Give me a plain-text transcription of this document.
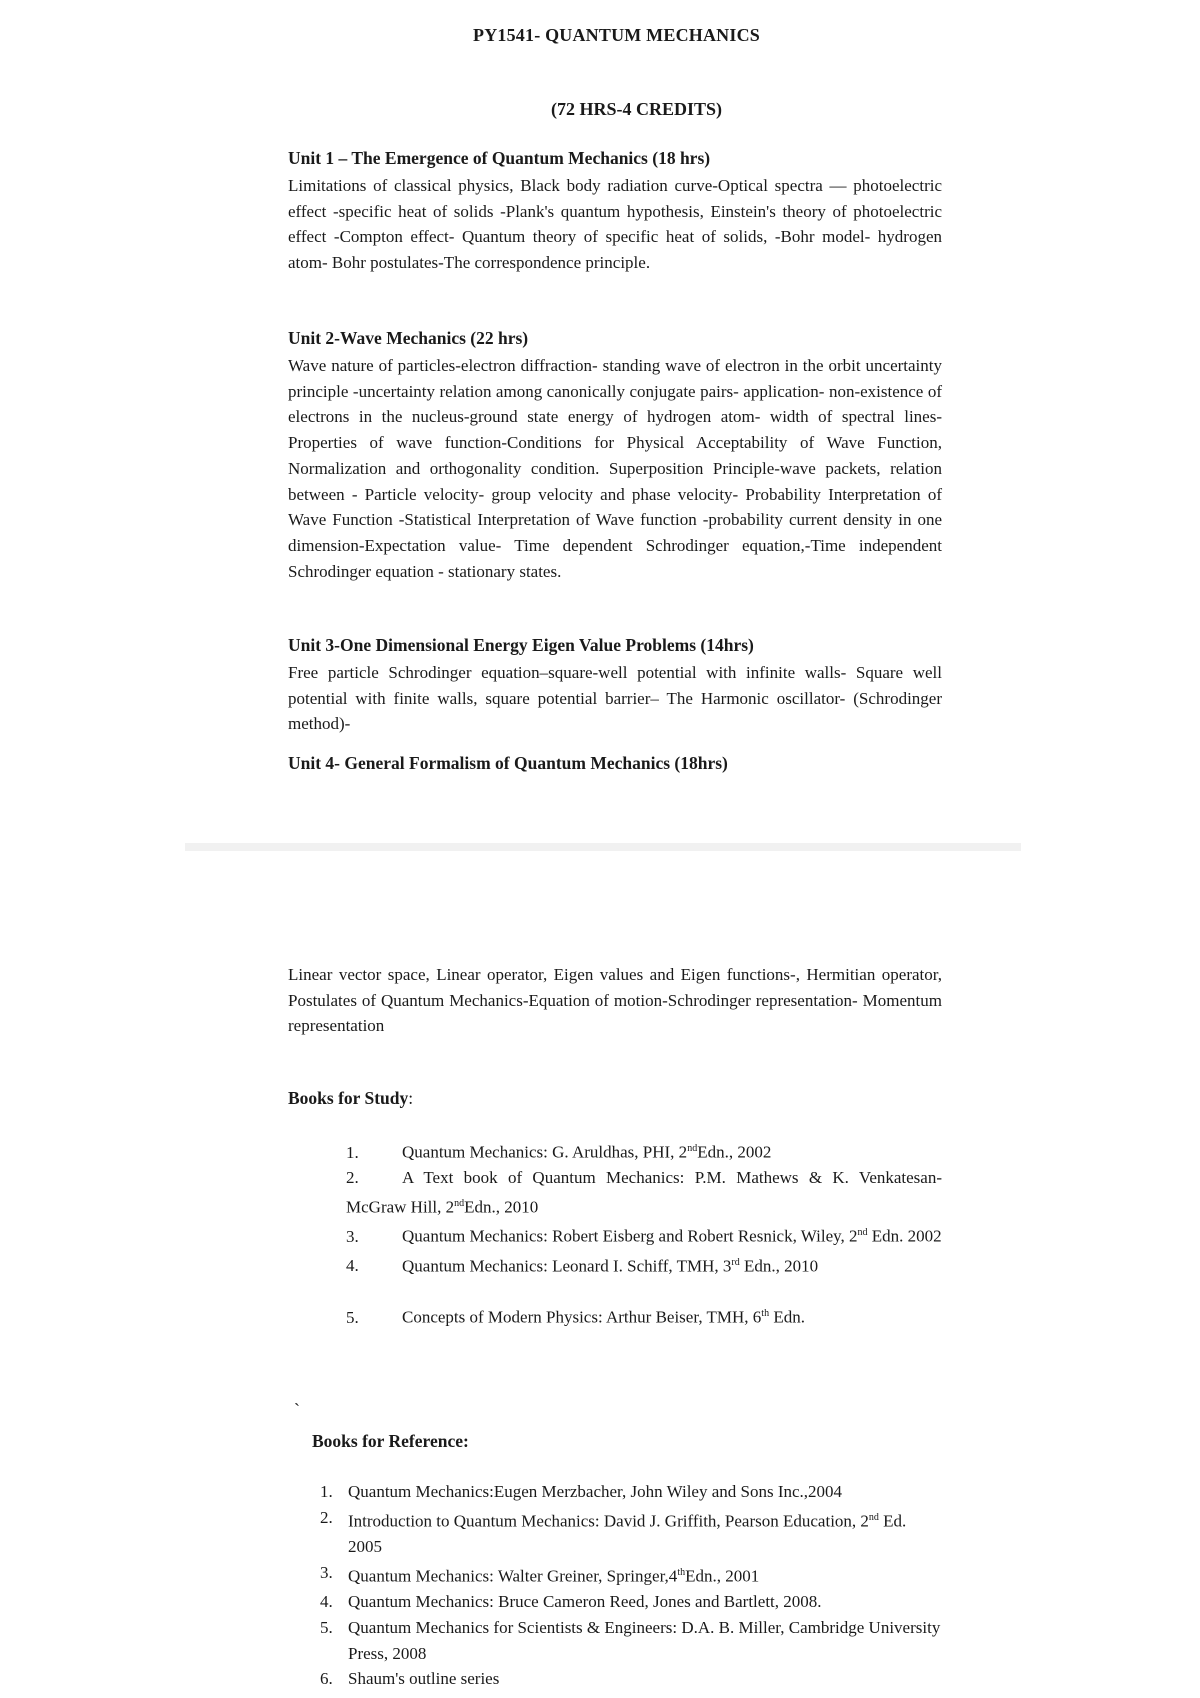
PY1541- QUANTUM MECHANICS
(72 HRS-4 CREDITS)
Unit 1 – The Emergence of Quantum Mechanics (18 hrs)
Limitations of classical physics, Black body radiation curve-Optical spectra — photoelectric effect -specific heat of solids -Plank's quantum hypothesis, Einstein's theory of photoelectric effect -Compton effect- Quantum theory of specific heat of solids, -Bohr model- hydrogen atom- Bohr postulates-The correspondence principle.
Unit 2-Wave Mechanics (22 hrs)
Wave nature of particles-electron diffraction- standing wave of electron in the orbit uncertainty principle -uncertainty relation among canonically conjugate pairs- application- non-existence of electrons in the nucleus-ground state energy of hydrogen atom- width of spectral lines-Properties of wave function-Conditions for Physical Acceptability of Wave Function, Normalization and orthogonality condition. Superposition Principle-wave packets, relation between - Particle velocity- group velocity and phase velocity- Probability Interpretation of Wave Function -Statistical Interpretation of Wave function -probability current density in one dimension-Expectation value- Time dependent Schrodinger equation,-Time independent Schrodinger equation - stationary states.
Unit 3-One Dimensional Energy Eigen Value Problems (14hrs)
Free particle Schrodinger equation–square-well potential with infinite walls- Square well potential with finite walls, square potential barrier– The Harmonic oscillator- (Schrodinger method)-
Unit 4- General Formalism of Quantum Mechanics (18hrs)
Linear vector space, Linear operator, Eigen values and Eigen functions-, Hermitian operator, Postulates of Quantum Mechanics-Equation of motion-Schrodinger representation- Momentum representation
Books for Study:
1.	Quantum Mechanics: G. Aruldhas, PHI, 2ndEdn., 2002
2.	A Text book of Quantum Mechanics: P.M. Mathews & K. Venkatesan- McGraw Hill, 2ndEdn., 2010
3.	Quantum Mechanics: Robert Eisberg and Robert Resnick, Wiley, 2nd Edn. 2002
4.	Quantum Mechanics: Leonard I. Schiff, TMH, 3rd Edn., 2010
5.	Concepts of Modern Physics: Arthur Beiser, TMH, 6th Edn.
`
Books for Reference:
1. Quantum Mechanics:Eugen Merzbacher, John Wiley and Sons Inc.,2004
2. Introduction to Quantum Mechanics: David J. Griffith, Pearson Education, 2nd Ed. 2005
3. Quantum Mechanics: Walter Greiner, Springer,4thEdn., 2001
4. Quantum Mechanics: Bruce Cameron Reed, Jones and Bartlett, 2008.
5. Quantum Mechanics for Scientists & Engineers: D.A. B. Miller, Cambridge University Press, 2008
6. Shaum's outline series
